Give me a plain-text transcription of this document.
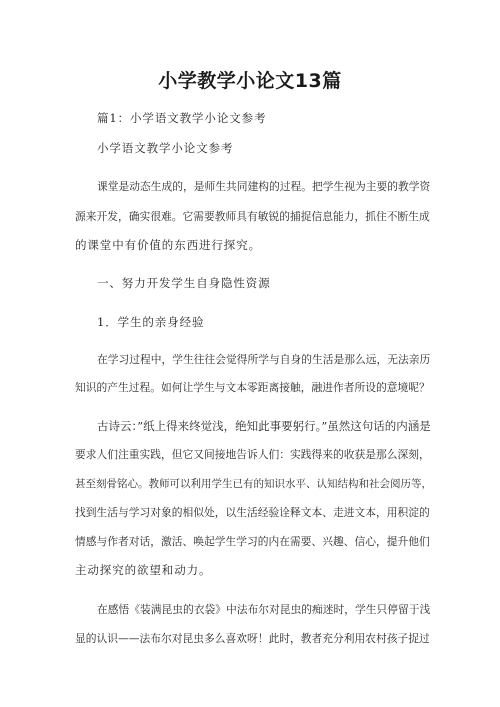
小学教学小论文13篇
篇1：小学语文教学小论文参考
小学语文教学小论文参考
课堂是动态生成的，是师生共同建构的过程。把学生视为主要的教学资
源来开发，确实很难。它需要教师具有敏锐的捕捉信息能力，抓住不断生成
的课堂中有价值的东西进行探究。
一、努力开发学生自身隐性资源
1．学生的亲身经验
在学习过程中，学生往往会觉得所学与自身的生活是那么远，无法亲历
知识的产生过程。如何让学生与文本零距离接触，融进作者所设的意境呢？
古诗云：”纸上得来终觉浅，绝知此事要躬行。”虽然这句话的内涵是
要求人们注重实践，但它又间接地告诉人们：实践得来的收获是那么深刻，
甚至刻骨铭心。教师可以利用学生已有的知识水平、认知结构和社会阅历等，
找到生活与学习对象的相似处，以生活经验诠释文本、走进文本，用积淀的
情感与作者对话，激活、唤起学生学习的内在需要、兴趣、信心，提升他们
主动探究的欲望和动力。
在感悟《装满昆虫的衣袋》中法布尔对昆虫的痴迷时，学生只停留于浅
显的认识——法布尔对昆虫多么喜欢呀！此时，教者充分利用农村孩子捉过
